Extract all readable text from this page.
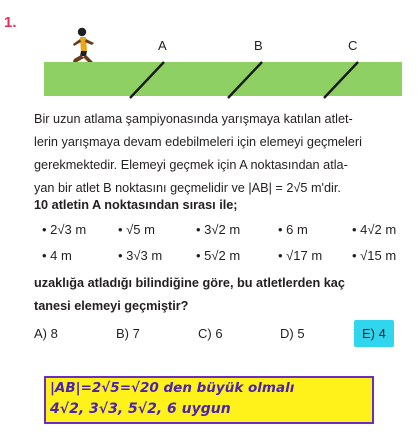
1.
A	B	C
Bir uzun atlama şampiyonasında yarışmaya katılan atlet-
lerin yarışmaya devam edebilmeleri için elemeyi geçmeleri
gerekmektedir. Elemeyi geçmek için A noktasından atla-
yan bir atlet B noktasını geçmelidir ve |AB| = 2√5 m'dir.
10 atletin A noktasından sırası ile;
• 2√3 m • √5 m	• 3√2 m	• 6 m	• 4√2 m
• 4 m	• 3√3 m	• 5√2 m	• √17 m • √15 m
uzaklığa atladığı bilindiğine göre, bu atletlerden kaç
tanesi elemeyi geçmiştir?
A) 8	B) 7	C) 6	D) 5	E) 4
|AB|=2√5=√20 den büyük olmalı
4√2, 3√3, 5√2, 6 uygun
